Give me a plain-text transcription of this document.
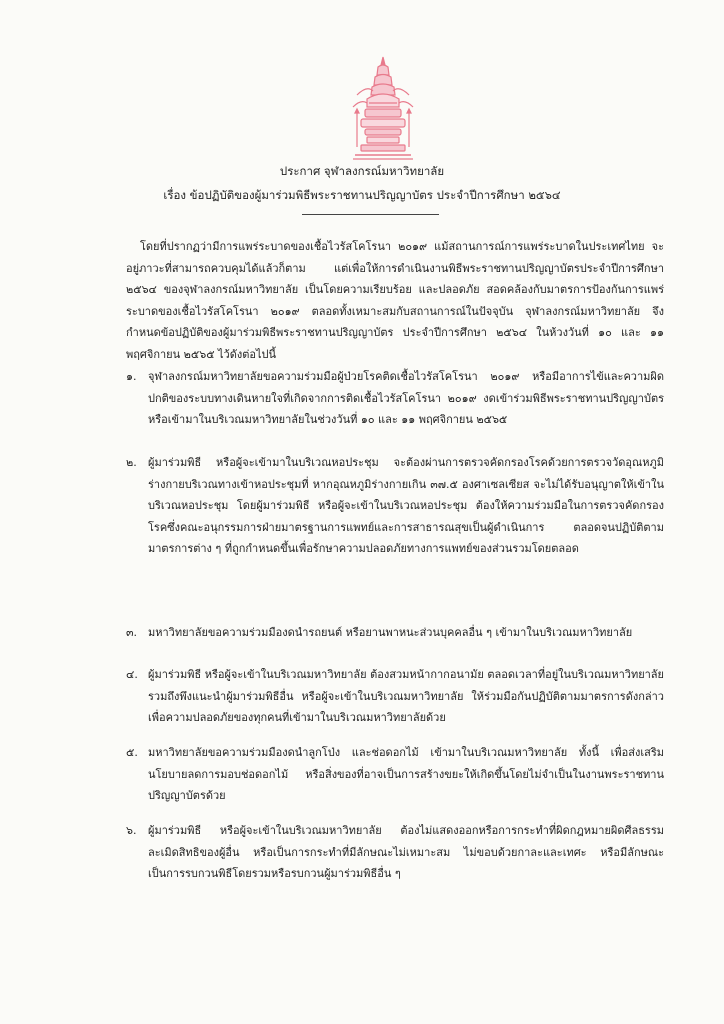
ประกาศ จุฬาลงกรณ์มหาวิทยาลัย
เรื่อง ข้อปฏิบัติของผู้มาร่วมพิธีพระราชทานปริญญาบัตร ประจำปีการศึกษา ๒๕๖๔
โดยที่ปรากฏว่ามีการแพร่ระบาดของเชื้อไวรัสโคโรนา ๒๐๑๙ แม้สถานการณ์การแพร่ระบาดในประเทศไทย จะอยู่ภาวะที่สามารถควบคุมได้แล้วก็ตาม แต่เพื่อให้การดำเนินงานพิธีพระราชทานปริญญาบัตรประจำปีการศึกษา ๒๕๖๔ ของจุฬาลงกรณ์มหาวิทยาลัย เป็นโดยความเรียบร้อย และปลอดภัย สอดคล้องกับมาตรการป้องกันการแพร่ระบาดของเชื้อไวรัสโคโรนา ๒๐๑๙ ตลอดทั้งเหมาะสมกับสถานการณ์ในปัจจุบัน จุฬาลงกรณ์มหาวิทยาลัย จึงกำหนดข้อปฏิบัติของผู้มาร่วมพิธีพระราชทานปริญญาบัตร ประจำปีการศึกษา ๒๕๖๔ ในห้วงวันที่ ๑๐ และ ๑๑ พฤศจิกายน ๒๕๖๕ ไว้ดังต่อไปนี้
๑.	จุฬาลงกรณ์มหาวิทยาลัยขอความร่วมมือผู้ป่วยโรคติดเชื้อไวรัสโคโรนา ๒๐๑๙ หรือมีอาการไข้และความผิดปกติของระบบทางเดินหายใจที่เกิดจากการติดเชื้อไวรัสโคโรนา ๒๐๑๙ งดเข้าร่วมพิธีพระราชทานปริญญาบัตร หรือเข้ามาในบริเวณมหาวิทยาลัยในช่วงวันที่ ๑๐ และ ๑๑ พฤศจิกายน ๒๕๖๕
๒.	ผู้มาร่วมพิธี หรือผู้จะเข้ามาในบริเวณหอประชุม จะต้องผ่านการตรวจคัดกรองโรคด้วยการตรวจวัดอุณหภูมิร่างกายบริเวณทางเข้าหอประชุมที่ หากอุณหภูมิร่างกายเกิน ๓๗.๕ องศาเซลเซียส จะไม่ได้รับอนุญาตให้เข้าในบริเวณหอประชุม โดยผู้มาร่วมพิธี หรือผู้จะเข้าในบริเวณหอประชุม ต้องให้ความร่วมมือในการตรวจคัดกรองโรคซึ่งคณะอนุกรรมการฝ่ายมาตรฐานการแพทย์และการสาธารณสุขเป็นผู้ดำเนินการ ตลอดจนปฏิบัติตามมาตรการต่าง ๆ ที่ถูกกำหนดขึ้นเพื่อรักษาความปลอดภัยทางการแพทย์ของส่วนรวมโดยตลอด
๓. มหาวิทยาลัยขอความร่วมมืองดนำรถยนต์ หรือยานพาหนะส่วนบุคคลอื่น ๆ เข้ามาในบริเวณมหาวิทยาลัย
๔. ผู้มาร่วมพิธี หรือผู้จะเข้าในบริเวณมหาวิทยาลัย ต้องสวมหน้ากากอนามัย ตลอดเวลาที่อยู่ในบริเวณมหาวิทยาลัย รวมถึงพึงแนะนำผู้มาร่วมพิธีอื่น หรือผู้จะเข้าในบริเวณมหาวิทยาลัย ให้ร่วมมือกันปฏิบัติตามมาตรการดังกล่าวเพื่อความปลอดภัยของทุกคนที่เข้ามาในบริเวณมหาวิทยาลัยด้วย
๕. มหาวิทยาลัยขอความร่วมมืองดนำลูกโป่ง และช่อดอกไม้ เข้ามาในบริเวณมหาวิทยาลัย ทั้งนี้ เพื่อส่งเสริมนโยบายลดการมอบช่อดอกไม้ หรือสิ่งของที่อาจเป็นการสร้างขยะให้เกิดขึ้นโดยไม่จำเป็นในงานพระราชทานปริญญาบัตรด้วย
๖.	ผู้มาร่วมพิธี หรือผู้จะเข้าในบริเวณมหาวิทยาลัย ต้องไม่แสดงออกหรือการกระทำที่ผิดกฎหมายผิดศีลธรรม ละเมิดสิทธิของผู้อื่น หรือเป็นการกระทำที่มีลักษณะไม่เหมาะสม ไม่ขอบด้วยกาละและเทศะ หรือมีลักษณะเป็นการรบกวนพิธีโดยรวมหรือรบกวนผู้มาร่วมพิธีอื่น ๆ
